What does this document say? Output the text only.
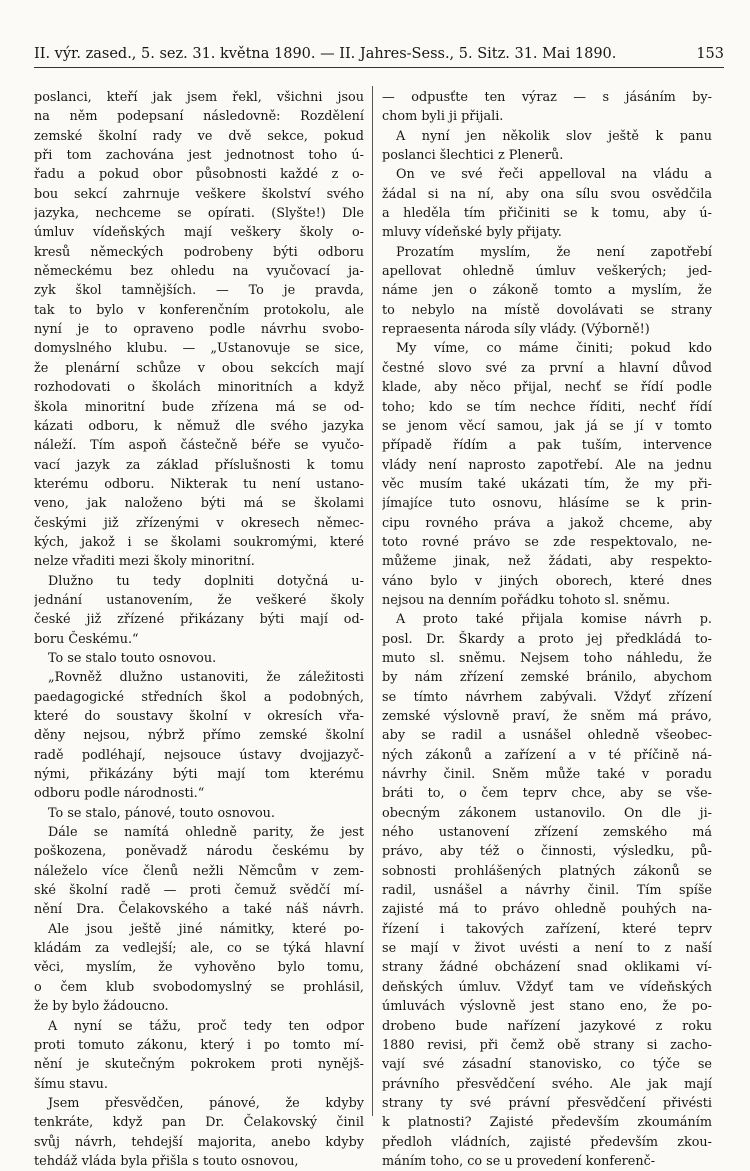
II. výr. zased., 5. sez. 31. května 1890. — II. Jahres-Sess., 5. Sitz. 31. Mai 1890.	153
poslanci, kteří jak jsem řekl, všichni jsou
na něm podepsaní následovně: Rozdělení
zemské školní rady ve dvě sekce, pokud
při tom zachována jest jednotnost toho ú-
řadu a pokud obor působnosti každé z o-
bou sekcí zahrnuje veškere školství svého
jazyka, nechceme se opírati. (Slyšte!) Dle
úmluv vídeňských mají veškery školy o-
kresů německých podrobeny býti odboru
německému bez ohledu na vyučovací ja-
zyk škol tamnějších. — To je pravda,
tak to bylo v konferenčním protokolu, ale
nyní je to opraveno podle návrhu svobo-
domyslného klubu. — „Ustanovuje se sice,
že plenární schůze v obou sekcích mají
rozhodovati o školách minoritních a když
škola minoritní bude zřízena má se od-
kázati odboru, k němuž dle svého jazyka
náleží. Tím aspoň částečně béře se vyučo-
vací jazyk za základ příslušnosti k tomu
kterému odboru. Nikterak tu není ustano-
veno, jak naloženo býti má se školami
českými již zřízenými v okresech němec-
kých, jakož i se školami soukromými, které
nelze vřaditi mezi školy minoritní.
Dlužno tu tedy doplniti dotyčná u-
jednání ustanovením, že veškeré školy
české již zřízené přikázany býti mají od-
boru Českému.“
To se stalo touto osnovou.
„Rovněž dlužno ustanoviti, že záležitosti
paedagogické středních škol a podobných,
které do soustavy školní v okresích vřa-
děny nejsou, nýbrž přímo zemské školní
radě podléhají, nejsouce ústavy dvojjazyč-
nými, přikázány býti mají tom kterému
odboru podle národnosti.“
To se stalo, pánové, touto osnovou.
Dále se namítá ohledně parity, že jest
poškozena, poněvadž národu českému by
náleželo více členů nežli Němcům v zem-
ské školní radě — proti čemuž svědčí mí-
nění Dra. Čelakovského a také náš návrh.
Ale jsou ještě jiné námitky, které po-
kládám za vedlejší; ale, co se týká hlavní
věci, myslím, že vyhověno bylo tomu,
o čem klub svobodomyslný se prohlásil,
že by bylo žádoucno.
A nyní se tážu, proč tedy ten odpor
proti tomuto zákonu, který i po tomto mí-
nění je skutečným pokrokem proti nynějš-
šímu stavu.
Jsem přesvědčen, pánové, že kdyby
tenkráte, když pan Dr. Čelakovský činil
svůj návrh, tehdejší majorita, anebo kdyby
tehdáž vláda byla přišla s touto osnovou,
— odpusťte ten výraz — s jásáním by-
chom byli ji přijali.
A nyní jen několik slov ještě k panu
poslanci šlechtici z Plenerů.
On ve své řeči appelloval na vládu a
žádal si na ní, aby ona sílu svou osvědčila
a hleděla tím přičiniti se k tomu, aby ú-
mluvy vídeňské byly přijaty.
Prozatím myslím, že není zapotřebí
apellovat ohledně úmluv veškerých; jed-
náme jen o zákoně tomto a myslím, že
to nebylo na místě dovolávati se strany
repraesenta národa síly vlády. (Výborně!)
My víme, co máme činiti; pokud kdo
čestné slovo své za první a hlavní důvod
klade, aby něco přijal, nechť se řídí podle
toho; kdo se tím nechce říditi, nechť řídí
se jenom věcí samou, jak já se jí v tomto
případě řídím a pak tuším, intervence
vlády není naprosto zapotřebí. Ale na jednu
věc musím také ukázati tím, že my při-
jímajíce tuto osnovu, hlásíme se k prin-
cipu rovného práva a jakož chceme, aby
toto rovné právo se zde respektovalo, ne-
můžeme jinak, než žádati, aby respekto-
váno bylo v jiných oborech, které dnes
nejsou na denním pořádku tohoto sl. sněmu.
A proto také přijala komise návrh p.
posl. Dr. Škardy a proto jej předkládá to-
muto sl. sněmu. Nejsem toho náhledu, že
by nám zřízení zemské bránilo, abychom
se tímto návrhem zabývali. Vždyť zřízení
zemské výslovně praví, že sněm má právo,
aby se radil a usnášel ohledně všeobec-
ných zákonů a zařízení a v té příčině ná-
návrhy činil. Sněm může také v poradu
bráti to, o čem teprv chce, aby se vše-
obecným zákonem ustanovilo. On dle ji-
ného ustanovení zřízení zemského má
právo, aby též o činnosti, výsledku, pů-
sobnosti prohlášených platných zákonů se
radil, usnášel a návrhy činil. Tím spíše
zajisté má to právo ohledně pouhých na-
řízení i takových zařízení, které teprv
se mají v život uvésti a není to z naší
strany žádné obcházení snad oklikami ví-
deňských úmluv. Vždyť tam ve vídeňských
úmluvách výslovně jest stano eno, že po-
drobeno bude nařízení jazykové z roku
1880 revisi, při čemž obě strany si zacho-
vají své zásadní stanovisko, co týče se
právního přesvědčení svého. Ale jak mají
strany ty své právní přesvědčení přivésti
k platnosti? Zajisté především zkoumáním
předloh vládních, zajisté především zkou-
máním toho, co se u provedení konferenč-
